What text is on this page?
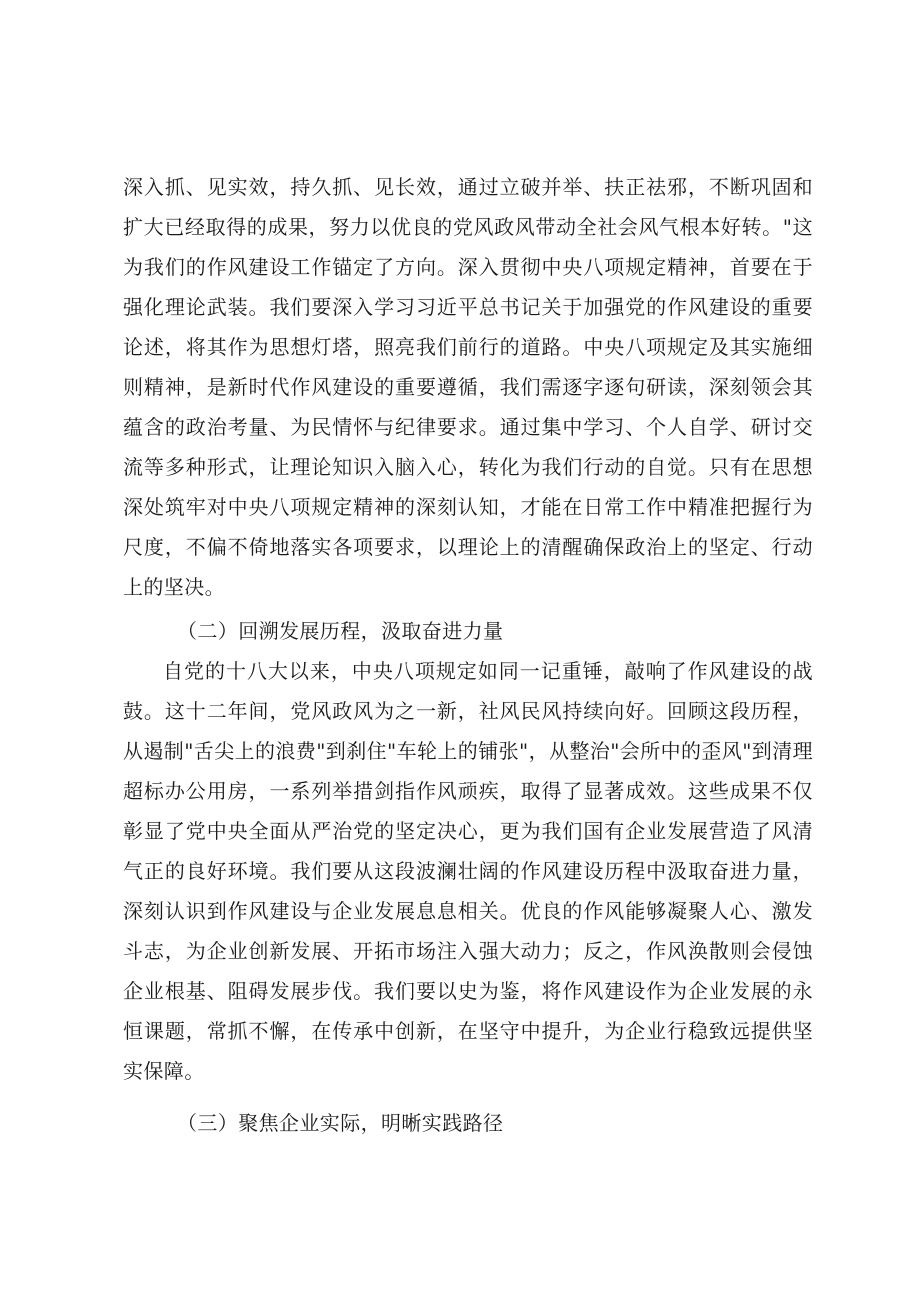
深入抓、见实效，持久抓、见长效，通过立破并举、扶正祛邪，不断巩固和扩大已经取得的成果，努力以优良的党风政风带动全社会风气根本好转。"这为我们的作风建设工作锚定了方向。深入贯彻中央八项规定精神，首要在于强化理论武装。我们要深入学习习近平总书记关于加强党的作风建设的重要论述，将其作为思想灯塔，照亮我们前行的道路。中央八项规定及其实施细则精神，是新时代作风建设的重要遵循，我们需逐字逐句研读，深刻领会其蕴含的政治考量、为民情怀与纪律要求。通过集中学习、个人自学、研讨交流等多种形式，让理论知识入脑入心，转化为我们行动的自觉。只有在思想深处筑牢对中央八项规定精神的深刻认知，才能在日常工作中精准把握行为尺度，不偏不倚地落实各项要求，以理论上的清醒确保政治上的坚定、行动上的坚决。

（二）回溯发展历程，汲取奋进力量

自党的十八大以来，中央八项规定如同一记重锤，敲响了作风建设的战鼓。这十二年间，党风政风为之一新，社风民风持续向好。回顾这段历程，从遏制"舌尖上的浪费"到刹住"车轮上的铺张"，从整治"会所中的歪风"到清理超标办公用房，一系列举措剑指作风顽疾，取得了显著成效。这些成果不仅彰显了党中央全面从严治党的坚定决心，更为我们国有企业发展营造了风清气正的良好环境。我们要从这段波澜壮阔的作风建设历程中汲取奋进力量，深刻认识到作风建设与企业发展息息相关。优良的作风能够凝聚人心、激发斗志，为企业创新发展、开拓市场注入强大动力；反之，作风涣散则会侵蚀企业根基、阻碍发展步伐。我们要以史为鉴，将作风建设作为企业发展的永恒课题，常抓不懈，在传承中创新，在坚守中提升，为企业行稳致远提供坚实保障。

（三）聚焦企业实际，明晰实践路径
